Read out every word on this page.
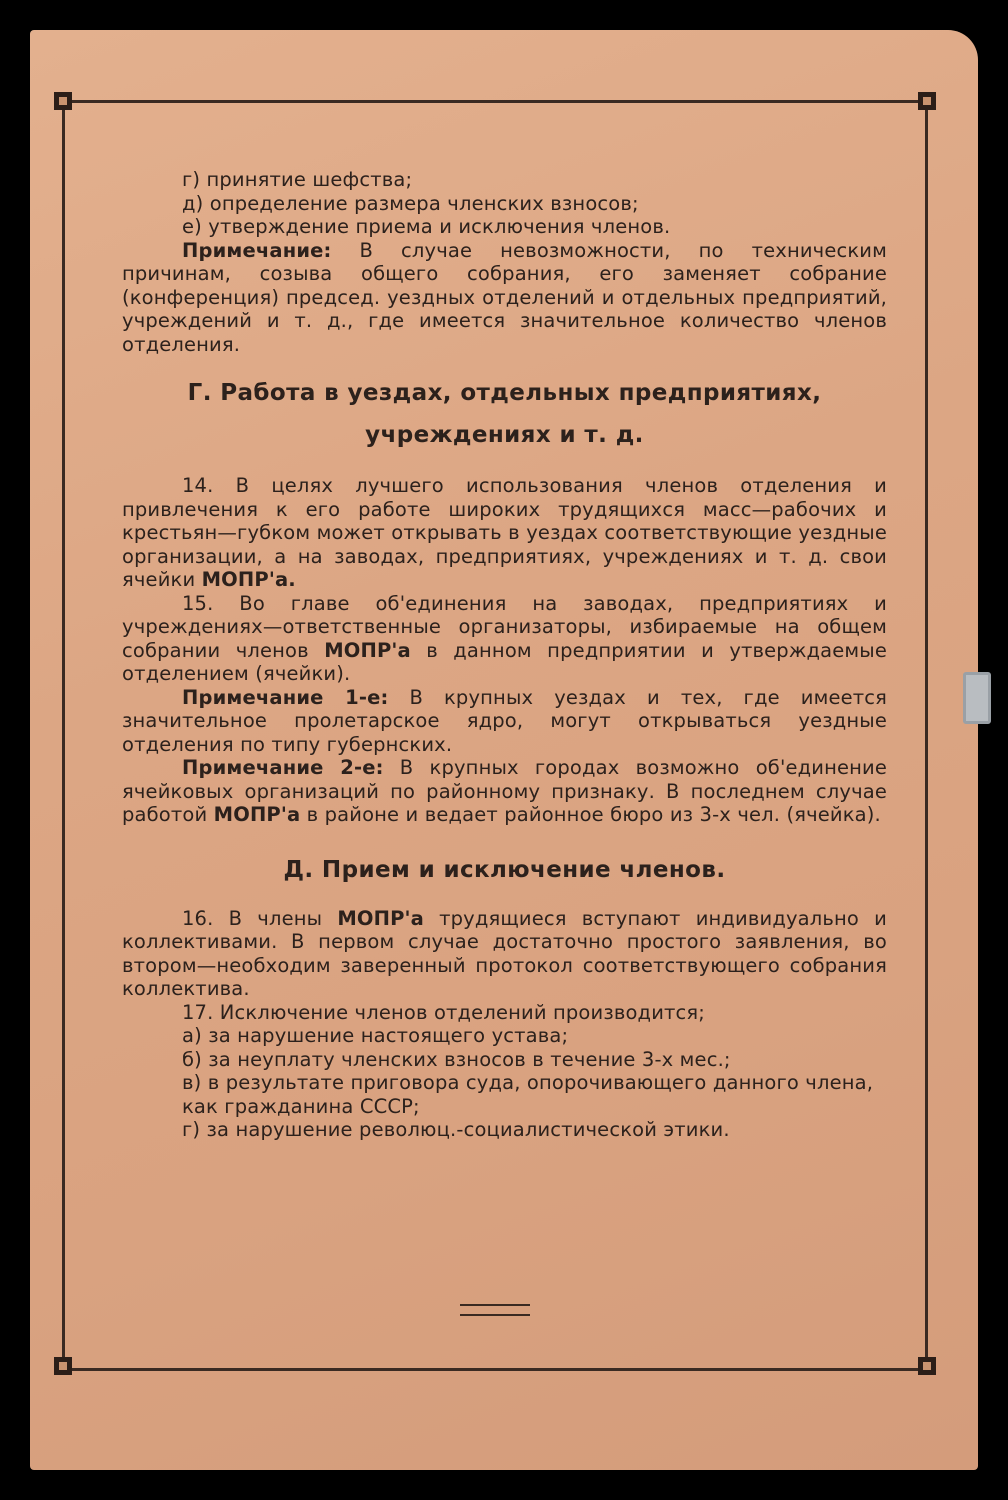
г) принятие шефства;

д) определение размера членских взносов;

е) утверждение приема и исключения членов.

Примечание: В случае невозможности, по техническим причинам, созыва общего собрания, его заменяет собрание (конференция) председ. уездных отделений и отдельных предприятий, учреждений и т. д., где имеется значительное количество членов отделения.

Г. Работа в уездах, отдельных предприятиях,
учреждениях и т. д.

14. В целях лучшего использования членов отделения и привлечения к его работе широких трудящихся масс—рабочих и крестьян—губком может открывать в уездах соответствующие уездные организации, а на заводах, предприятиях, учреждениях и т. д. свои ячейки МОПР'а.

15. Во главе об'единения на заводах, предприятиях и учреждениях—ответственные организаторы, избираемые на общем собрании членов МОПР'а в данном предприятии и утверждаемые отделением (ячейки).

Примечание 1-е: В крупных уездах и тех, где имеется значительное пролетарское ядро, могут открываться уездные отделения по типу губернских.

Примечание 2-е: В крупных городах возможно об'единение ячейковых организаций по районному признаку. В последнем случае работой МОПР'а в районе и ведает районное бюро из 3-х чел. (ячейка).

Д. Прием и исключение членов.

16. В члены МОПР'а трудящиеся вступают индивидуально и коллективами. В первом случае достаточно простого заявления, во втором—необходим заверенный протокол соответствующего собрания коллектива.

17. Исключение членов отделений производится;

а) за нарушение настоящего устава;

б) за неуплату членских взносов в течение 3-х мес.;

в) в результате приговора суда, опорочивающего данного члена, как гражданина СССР;

г) за нарушение революц.-социалистической этики.
